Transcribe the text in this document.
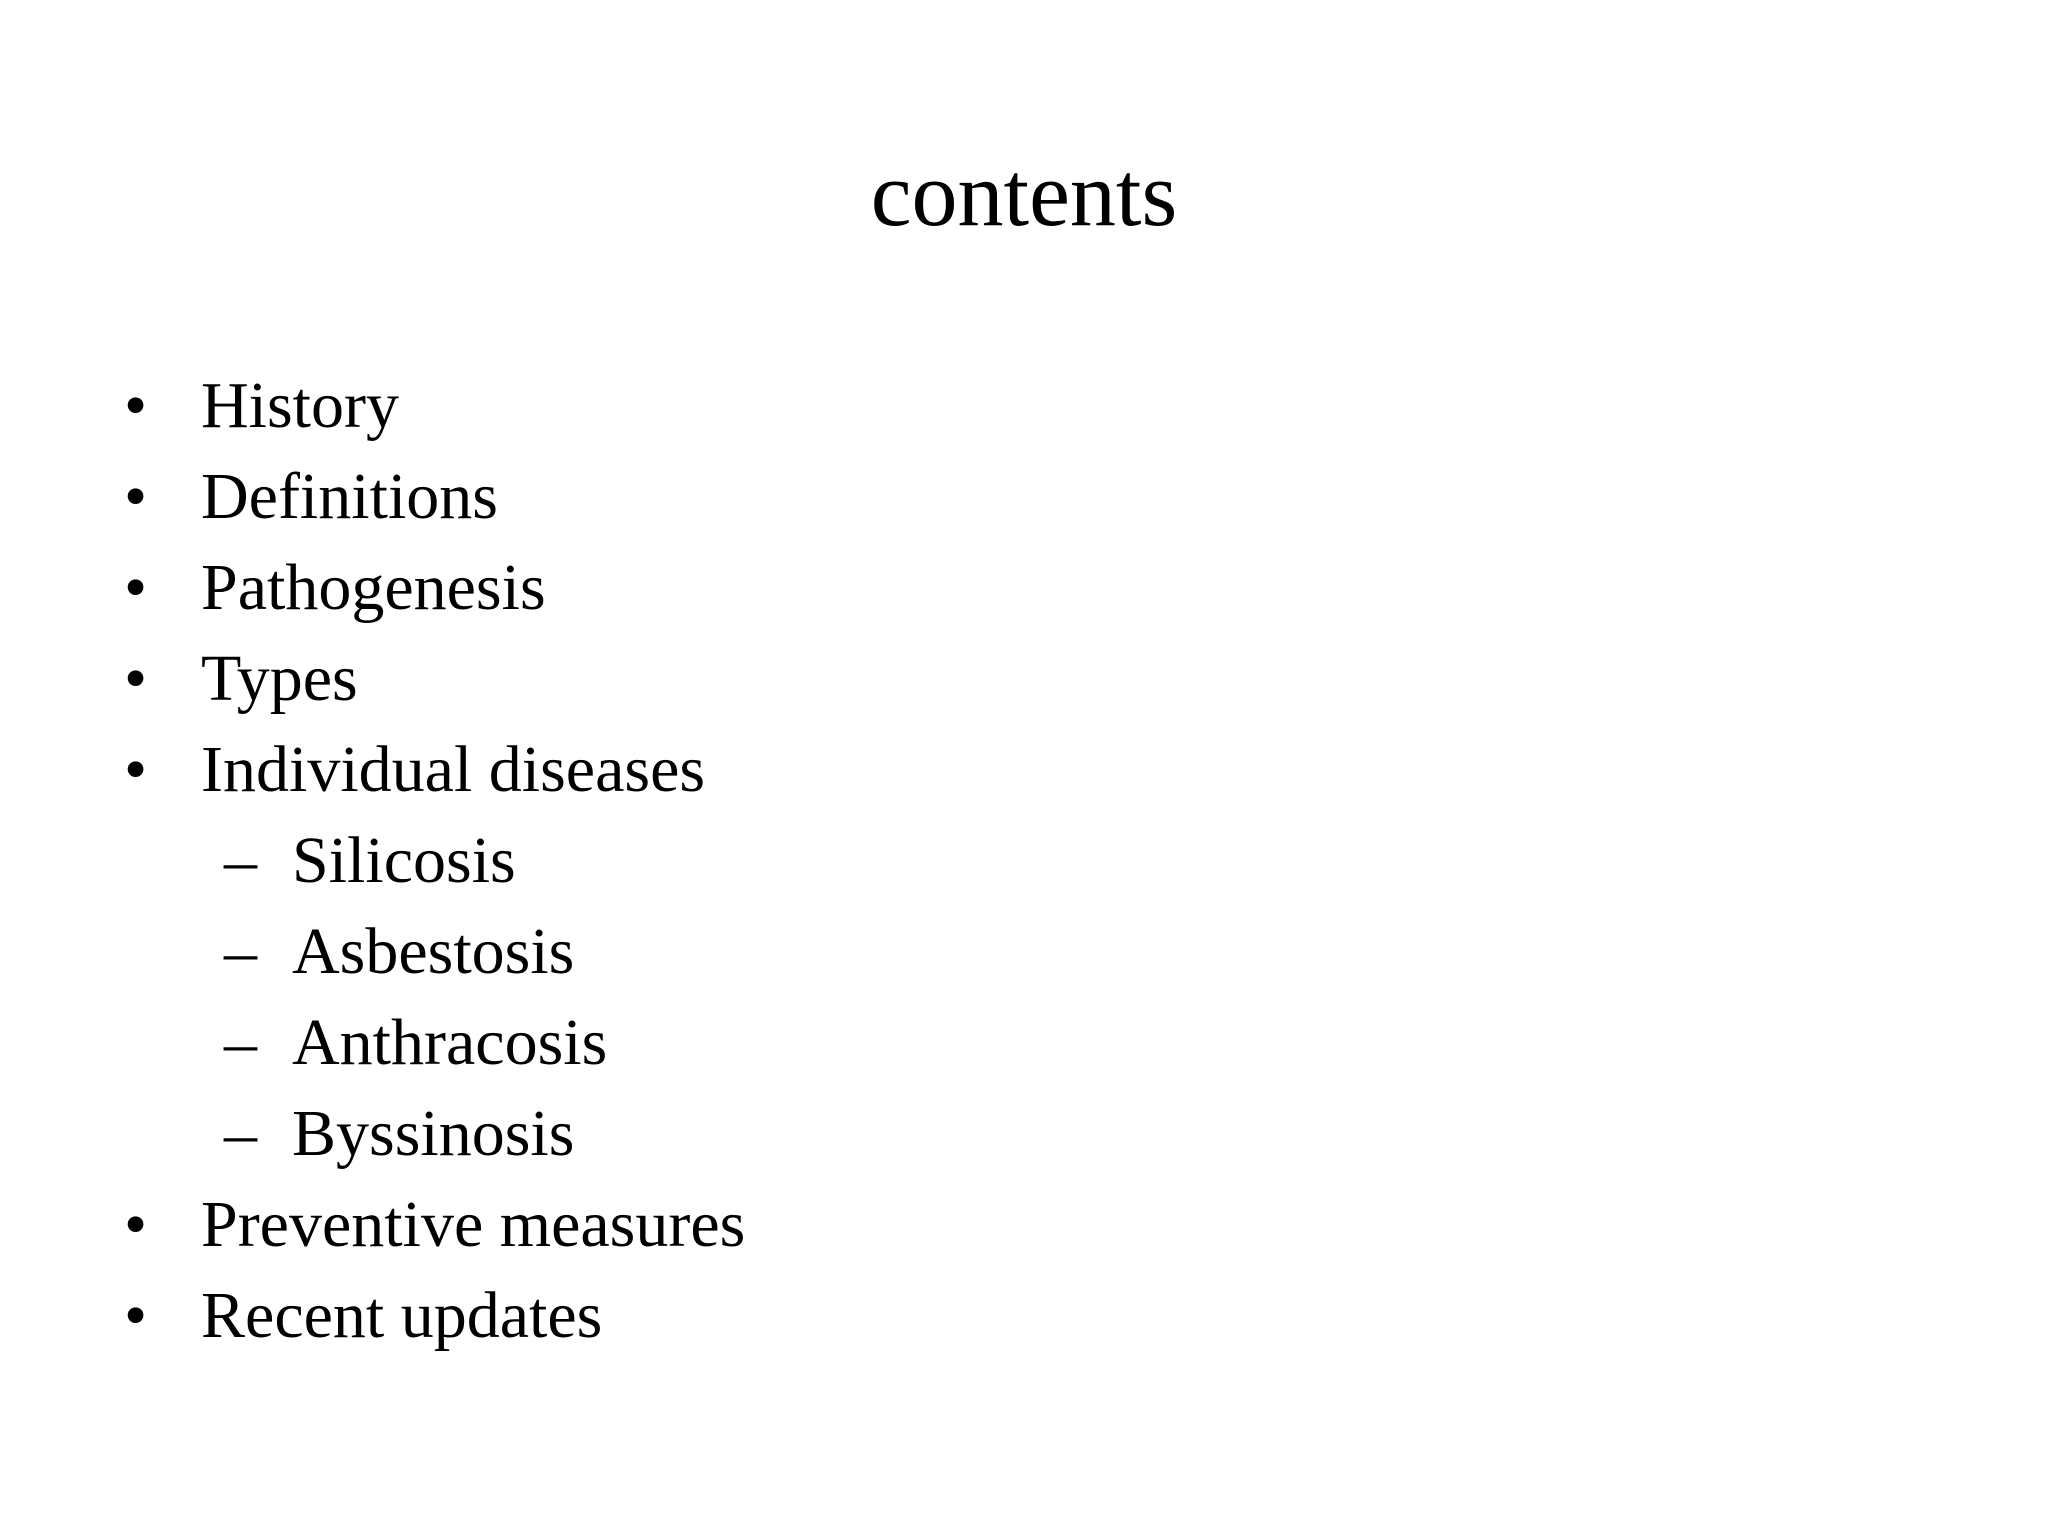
contents
• History
• Definitions
• Pathogenesis
• Types
• Individual diseases
– Silicosis
– Asbestosis
– Anthracosis
– Byssinosis
• Preventive measures
• Recent updates
